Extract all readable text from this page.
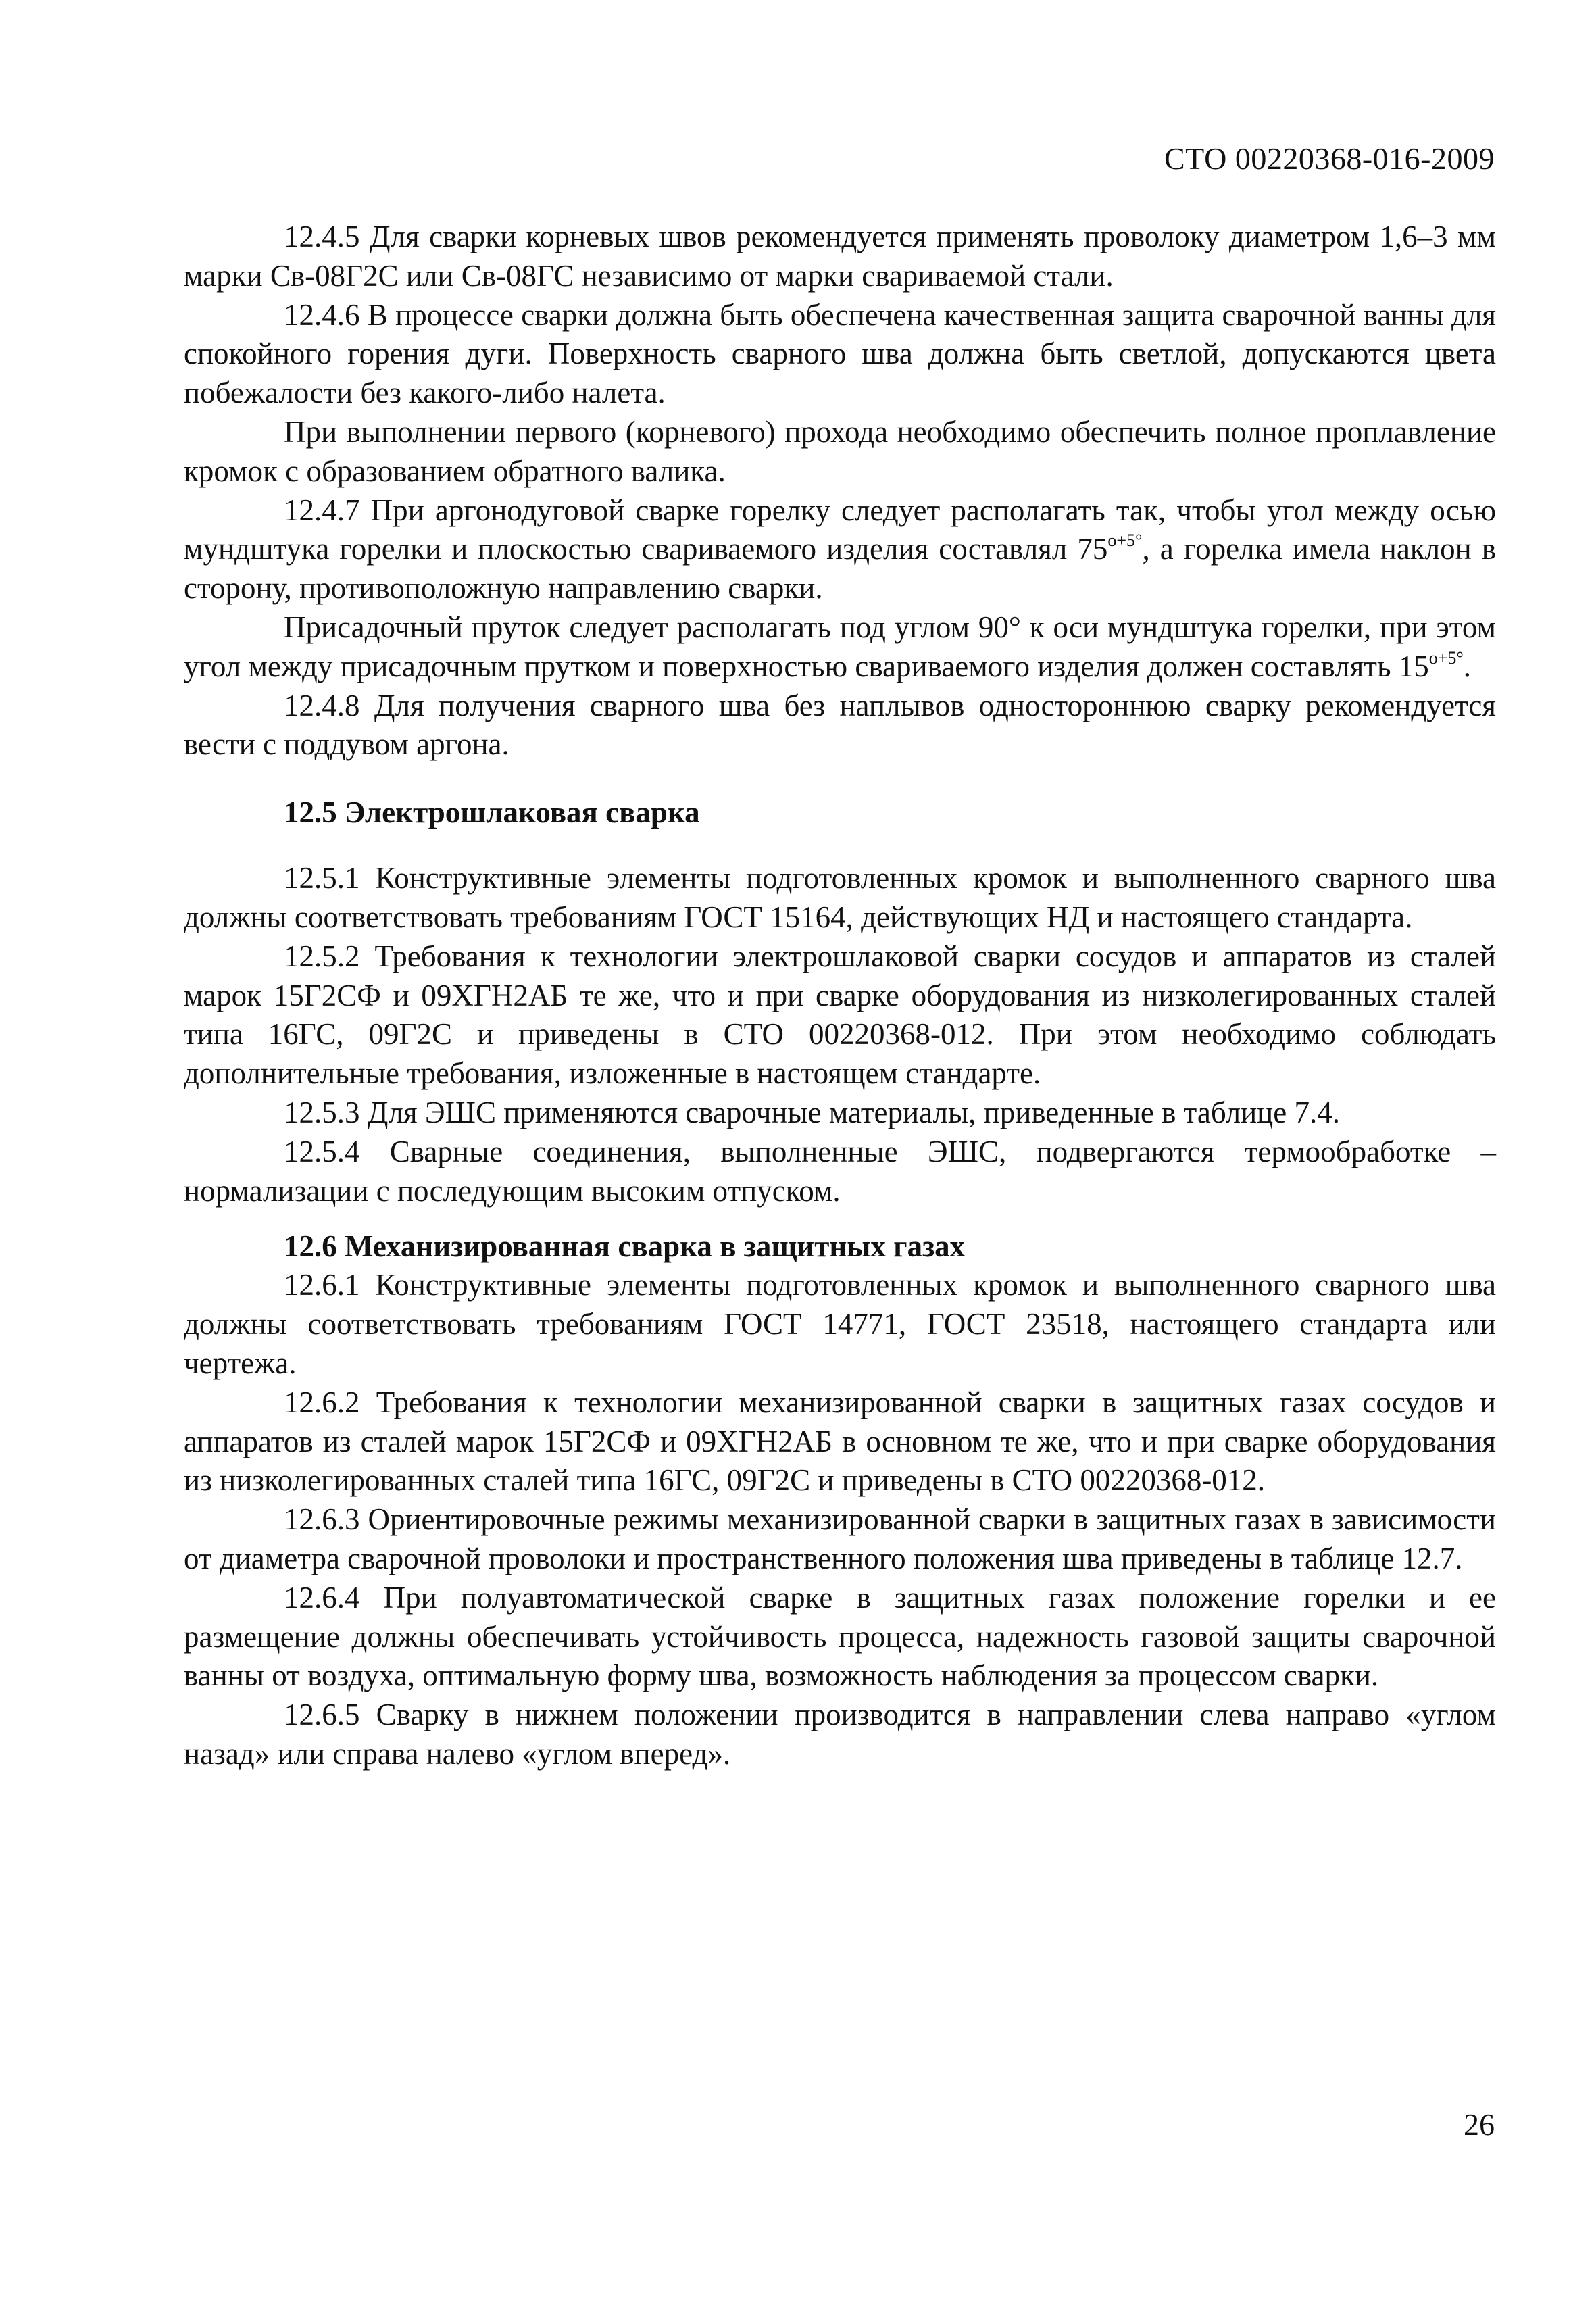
СТО 00220368-016-2009

12.4.5 Для сварки корневых швов рекомендуется применять проволоку диаметром 1,6–3 мм марки Св-08Г2С или Св-08ГС независимо от марки свариваемой стали.

12.4.6 В процессе сварки должна быть обеспечена качественная защита сварочной ванны для спокойного горения дуги. Поверхность сварного шва должна быть светлой, допускаются цвета побежалости без какого-либо налета.

При выполнении первого (корневого) прохода необходимо обеспечить полное проплавление кромок с образованием обратного валика.

12.4.7 При аргонодуговой сварке горелку следует располагать так, чтобы угол между осью мундштука горелки и плоскостью свариваемого изделия составлял $75^{о+5^\circ}$, а горелка имела наклон в сторону, противоположную направлению сварки.

Присадочный пруток следует располагать под углом 90° к оси мундштука горелки, при этом угол между присадочным прутком и поверхностью свариваемого изделия должен составлять $15^{о+5^\circ}$.

12.4.8 Для получения сварного шва без наплывов одностороннюю сварку рекомендуется вести с поддувом аргона.

12.5 Электрошлаковая сварка

12.5.1 Конструктивные элементы подготовленных кромок и выполненного сварного шва должны соответствовать требованиям ГОСТ 15164, действующих НД и настоящего стандарта.

12.5.2 Требования к технологии электрошлаковой сварки сосудов и аппаратов из сталей марок 15Г2СФ и 09ХГН2АБ те же, что и при сварке оборудования из низколегированных сталей типа 16ГС, 09Г2С и приведены в СТО 00220368-012. При этом необходимо соблюдать дополнительные требования, изложенные в настоящем стандарте.

12.5.3 Для ЭШС применяются сварочные материалы, приведенные в таблице 7.4.

12.5.4 Сварные соединения, выполненные ЭШС, подвергаются термообработке – нормализации с последующим высоким отпуском.

12.6 Механизированная сварка в защитных газах

12.6.1 Конструктивные элементы подготовленных кромок и выполненного сварного шва должны соответствовать требованиям ГОСТ 14771, ГОСТ 23518, настоящего стандарта или чертежа.

12.6.2 Требования к технологии механизированной сварки в защитных газах сосудов и аппаратов из сталей марок 15Г2СФ и 09ХГН2АБ в основном те же, что и при сварке оборудования из низколегированных сталей типа 16ГС, 09Г2С и приведены в СТО 00220368-012.

12.6.3 Ориентировочные режимы механизированной сварки в защитных газах в зависимости от диаметра сварочной проволоки и пространственного положения шва приведены в таблице 12.7.

12.6.4 При полуавтоматической сварке в защитных газах положение горелки и ее размещение должны обеспечивать устойчивость процесса, надежность газовой защиты сварочной ванны от воздуха, оптимальную форму шва, возможность наблюдения за процессом сварки.

12.6.5 Сварку в нижнем положении производится в направлении слева направо «углом назад» или справа налево «углом вперед».

26
